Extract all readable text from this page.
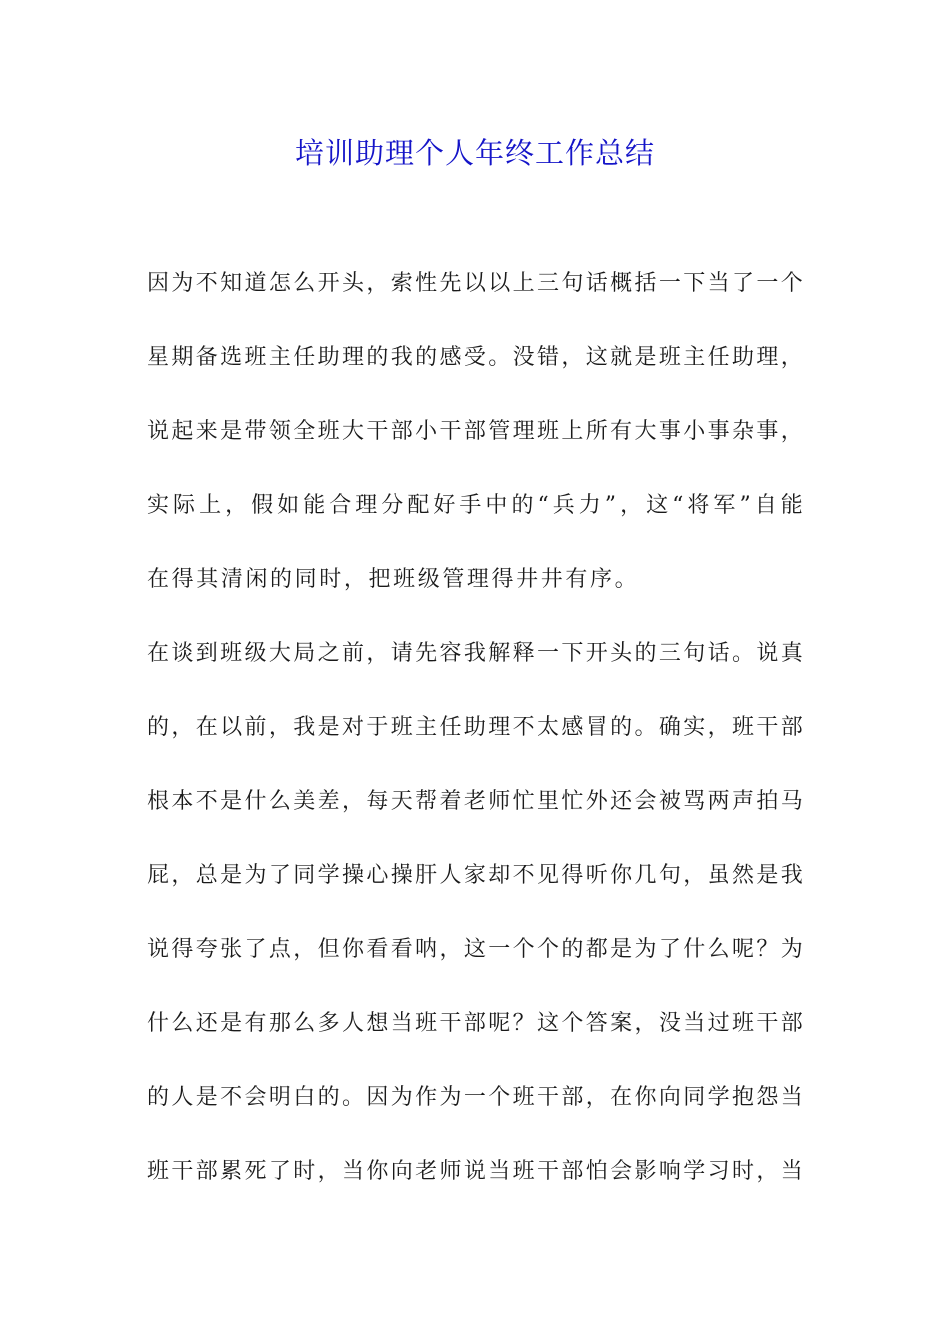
培训助理个人年终工作总结
因 为 不 知 道 怎 么 开 头 ， 索 性 先 以 以 上 三 句 话 概 括 一 下 当 了 一 个
星 期 备 选 班 主 任 助 理 的 我 的 感 受 。 没 错 ， 这 就 是 班 主 任 助 理 ，
说 起 来 是 带 领 全 班 大 干 部 小 干 部 管 理 班 上 所 有 大 事 小 事 杂 事 ，
实 际 上 ， 假 如 能 合 理 分 配 好 手 中 的 “ 兵 力 ” ， 这 “ 将 军 ” 自 能
在 得 其 清 闲 的 同 时 ， 把 班 级 管 理 得 井 井 有 序 。
在 谈 到 班 级 大 局 之 前 ， 请 先 容 我 解 释 一 下 开 头 的 三 句 话 。 说 真
的 ， 在 以 前 ， 我 是 对 于 班 主 任 助 理 不 太 感 冒 的 。 确 实 ， 班 干 部
根 本 不 是 什 么 美 差 ， 每 天 帮 着 老 师 忙 里 忙 外 还 会 被 骂 两 声 拍 马
屁 ， 总 是 为 了 同 学 操 心 操 肝 人 家 却 不 见 得 听 你 几 句 ， 虽 然 是 我
说 得 夸 张 了 点 ， 但 你 看 看 呐 ， 这 一 个 个 的 都 是 为 了 什 么 呢 ？ 为
什 么 还 是 有 那 么 多 人 想 当 班 干 部 呢 ？ 这 个 答 案 ， 没 当 过 班 干 部
的 人 是 不 会 明 白 的 。 因 为 作 为 一 个 班 干 部 ， 在 你 向 同 学 抱 怨 当
班 干 部 累 死 了 时 ， 当 你 向 老 师 说 当 班 干 部 怕 会 影 响 学 习 时 ， 当
